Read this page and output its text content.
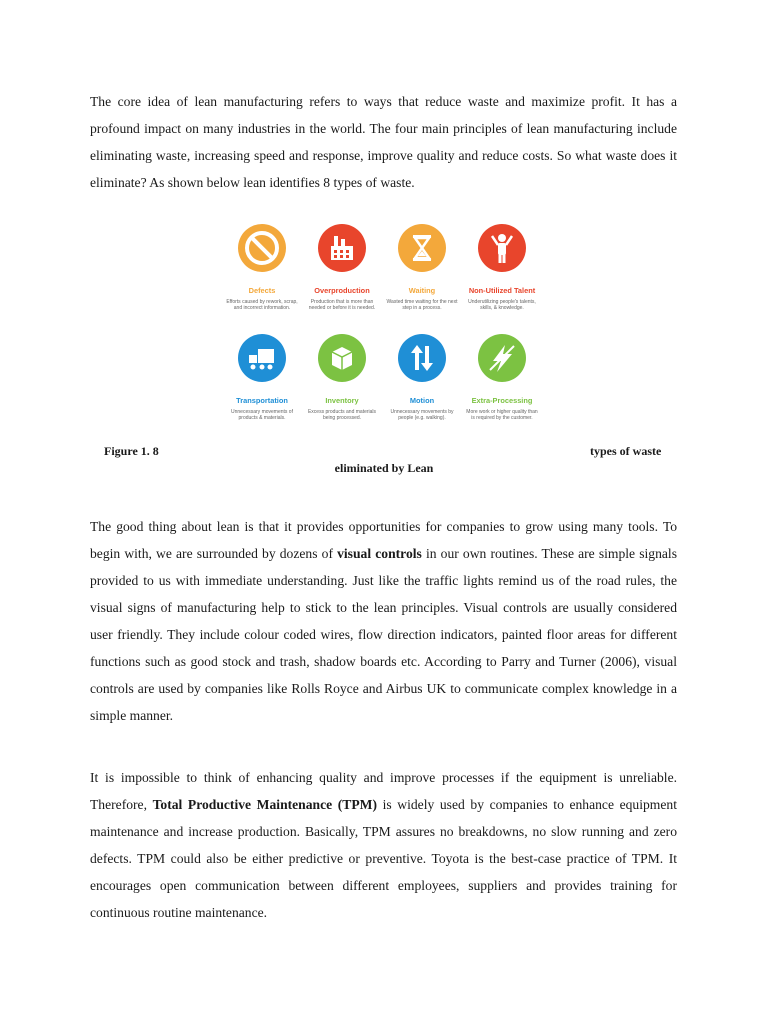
The core idea of lean manufacturing refers to ways that reduce waste and maximize profit. It has a profound impact on many industries in the world. The four main principles of lean manufacturing include eliminating waste, increasing speed and response, improve quality and reduce costs. So what waste does it eliminate? As shown below lean identifies 8 types of waste.

Defects
Efforts caused by rework, scrap, and incorrect information.
Overproduction
Production that is more than needed or before it is needed.
Waiting
Wasted time waiting for the next step in a process.
Non-Utilized Talent
Underutilizing people's talents, skills, & knowledge.
Transportation
Unnecessary movements of products & materials.
Inventory
Excess products and materials being processed.
Motion
Unnecessary movements by people (e.g. walking).
Extra-Processing
More work or higher quality than is required by the customer.
Figure 1. 8	types of waste
eliminated by Lean

The good thing about lean is that it provides opportunities for companies to grow using many tools. To begin with, we are surrounded by dozens of visual controls in our own routines. These are simple signals provided to us with immediate understanding. Just like the traffic lights remind us of the road rules, the visual signs of manufacturing help to stick to the lean principles. Visual controls are usually considered user friendly. They include colour coded wires, flow direction indicators, painted floor areas for different functions such as good stock and trash, shadow boards etc. According to Parry and Turner (2006), visual controls are used by companies like Rolls Royce and Airbus UK to communicate complex knowledge in a simple manner.

It is impossible to think of enhancing quality and improve processes if the equipment is unreliable. Therefore, Total Productive Maintenance (TPM) is widely used by companies to enhance equipment maintenance and increase production. Basically, TPM assures no breakdowns, no slow running and zero defects. TPM could also be either predictive or preventive. Toyota is the best-case practice of TPM. It encourages open communication between different employees, suppliers and provides training for continuous routine maintenance.
